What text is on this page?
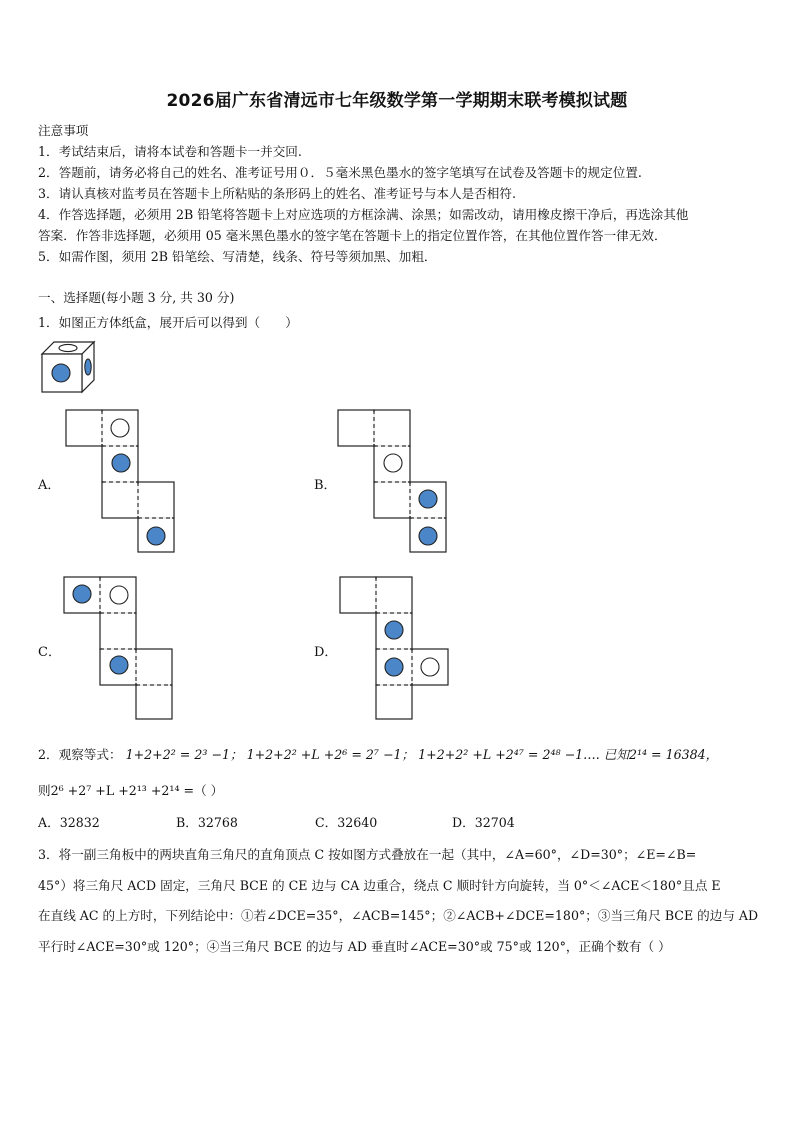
2026届广东省清远市七年级数学第一学期期末联考模拟试题
注意事项
1．考试结束后，请将本试卷和答题卡一并交回.
2．答题前，请务必将自己的姓名、准考证号用０．５毫米黑色墨水的签字笔填写在试卷及答题卡的规定位置.
3．请认真核对监考员在答题卡上所粘贴的条形码上的姓名、准考证号与本人是否相符.
4．作答选择题，必须用 2B 铅笔将答题卡上对应选项的方框涂满、涂黑；如需改动，请用橡皮擦干净后，再选涂其他
答案．作答非选择题，必须用 05 毫米黑色墨水的签字笔在答题卡上的指定位置作答，在其他位置作答一律无效．
5．如需作图，须用 2B 铅笔绘、写清楚，线条、符号等须加黑、加粗．
一、选择题(每小题 3 分, 共 30 分)
1．如图正方体纸盒，展开后可以得到（　　）
A．	B．
C．	D．
2．观察等式： 1+2+2² = 2³ −1； 1+2+2² +L +2⁶ = 2⁷ −1； 1+2+2² +L +2⁴⁷ = 2⁴⁸ −1…. 已知2¹⁴ = 16384，
则2⁶ +2⁷ +L +2¹³ +2¹⁴ =（ ）
A．32832	B．32768	C．32640	D．32704
3．将一副三角板中的两块直角三角尺的直角顶点 C 按如图方式叠放在一起（其中，∠A=60°，∠D=30°；∠E=∠B=
45°）将三角尺 ACD 固定，三角尺 BCE 的 CE 边与 CA 边重合，绕点 C 顺时针方向旋转，当 0°＜∠ACE＜180°且点 E
在直线 AC 的上方时，下列结论中：①若∠DCE=35°，∠ACB=145°；②∠ACB+∠DCE=180°；③当三角尺 BCE 的边与 AD
平行时∠ACE=30°或 120°；④当三角尺 BCE 的边与 AD 垂直时∠ACE=30°或 75°或 120°，正确个数有（ ）
